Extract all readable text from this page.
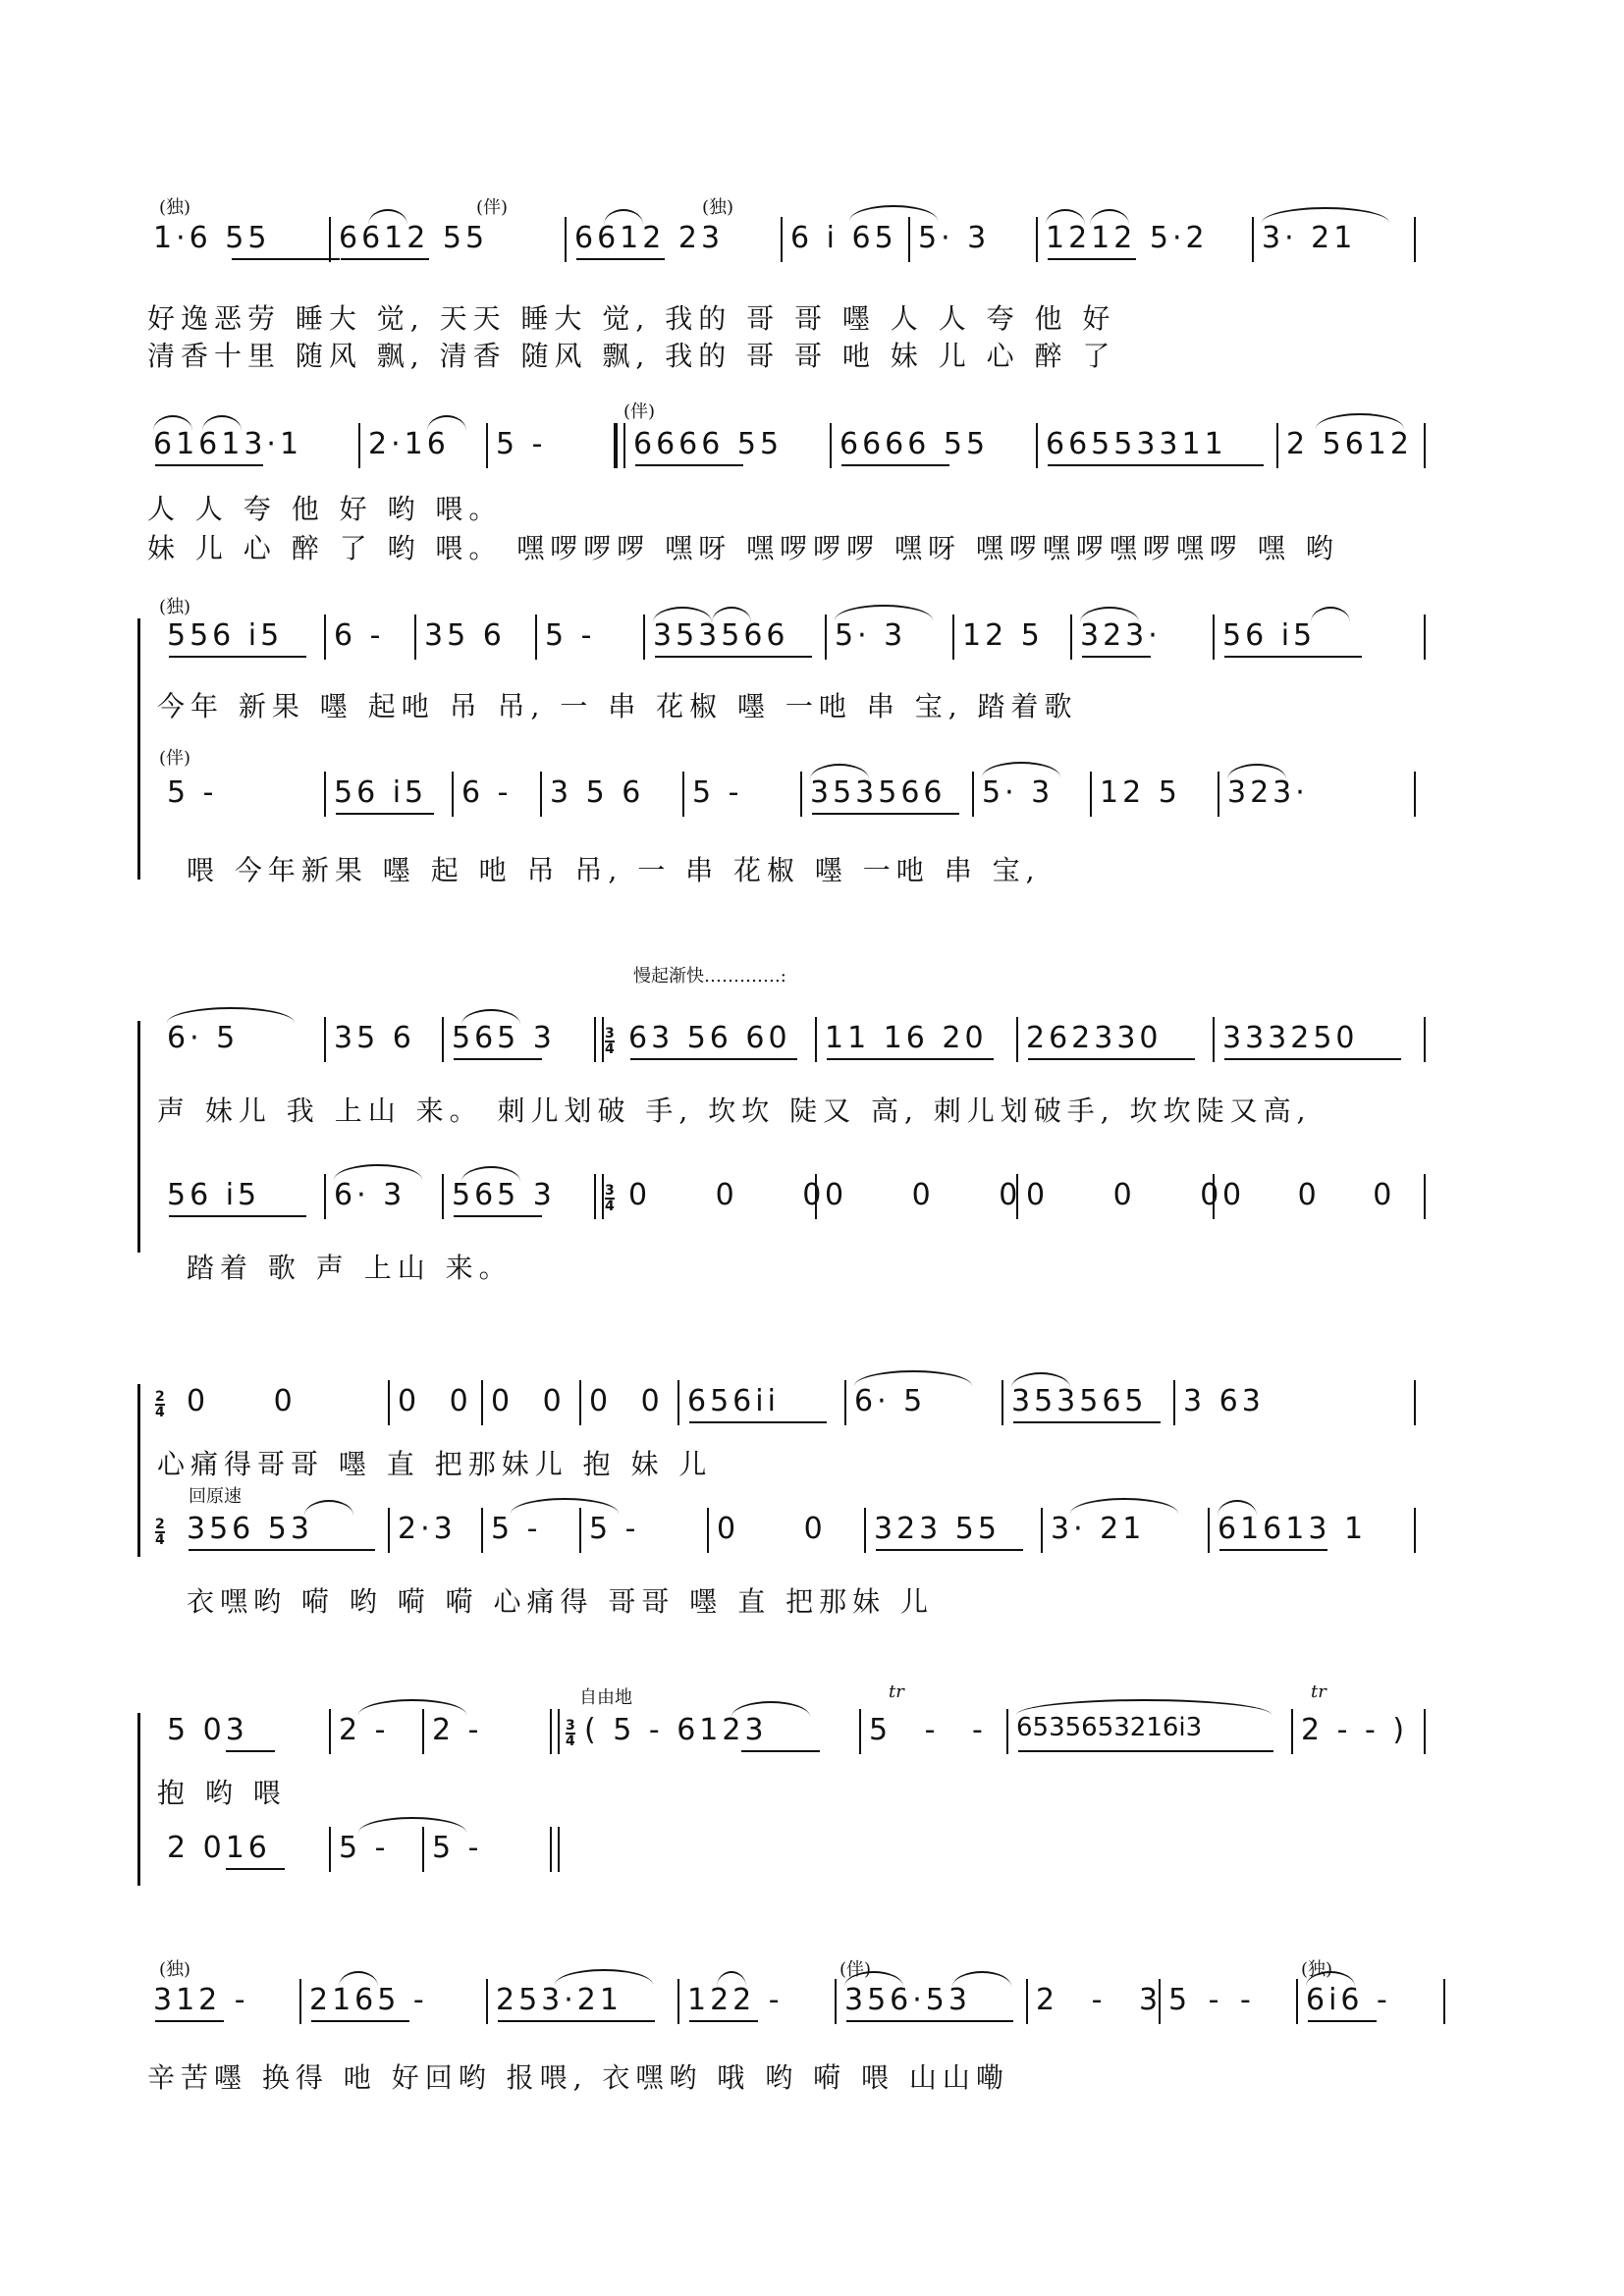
(独)	(伴)	(独)
1·6 55 6612 55	6612 23 6 i 65 5· 3 1212 5·2 3· 21
好逸恶劳 睡大 觉, 天天 睡大 觉, 我的 哥 哥 嚜 人 人 夸 他 好
清香十里 随风 飘, 清香 随风 飘, 我的 哥 哥 吔 妹 儿 心 醉 了
61613·1 2·16 5 -
(伴)
6666 55 6666 55 66553311 2 5612
人 人 夸 他 好 哟 喂。
妹 儿 心 醉 了 哟 喂。 嘿啰啰啰 嘿呀 嘿啰啰啰 嘿呀 嘿啰嘿啰嘿啰嘿啰 嘿 哟
(独)
556 i5 6 - 35 6 5 - 353566 5· 3 12 5 323· 56 i5
今年 新果 嚜 起吔 吊 吊, 一 串 花椒 嚜 一吔 串 宝, 踏着歌
(伴)
5 -	56 i5 6 - 3 5 6 5 - 353566 5· 3 12 5 323·
喂 今年新果 嚜 起 吔 吊 吊, 一 串 花椒 嚜 一吔 串 宝,
慢起渐快………….:
6· 5	35 6 565 3	3
4 63 56 60 11 16 20 262330 333250
声 妹儿 我 上山 来。 刺儿划破 手, 坎坎 陡又 高, 刺儿划破手, 坎坎陡又高,
56 i5 6· 3 565 3	3
4 0 0 0
0 0 0
0 0 0
0 0 0
踏着 歌 声 上山 来。
2
4 0 0	0 0 0 0 0 0 656ii	6· 5	353565 3 63
心痛得哥哥 嚜 直 把那妹儿 抱 妹 儿
回原速
2
4 356 53	2·3 5 - 5 -	0 0 323 55 3· 21 61613 1
衣嘿哟 嗬 哟 嗬 嗬 心痛得 哥哥 嚜 直 把那妹 儿
自由地	tr	tr
5 03	2 - 2 -	3
4 ( 5 - 6123	5 - - 6535653216i3	2 - - )
抱 哟 喂
2 016 5 - 5 -
(独)	(伴)	(独)
312 - 2165 - 253·21 122 - 356·53 2 - 3
5 - - 6i6 -
辛苦嚜 换得 吔 好回哟 报喂, 衣嘿哟 哦 哟 嗬 喂 山山嘞
